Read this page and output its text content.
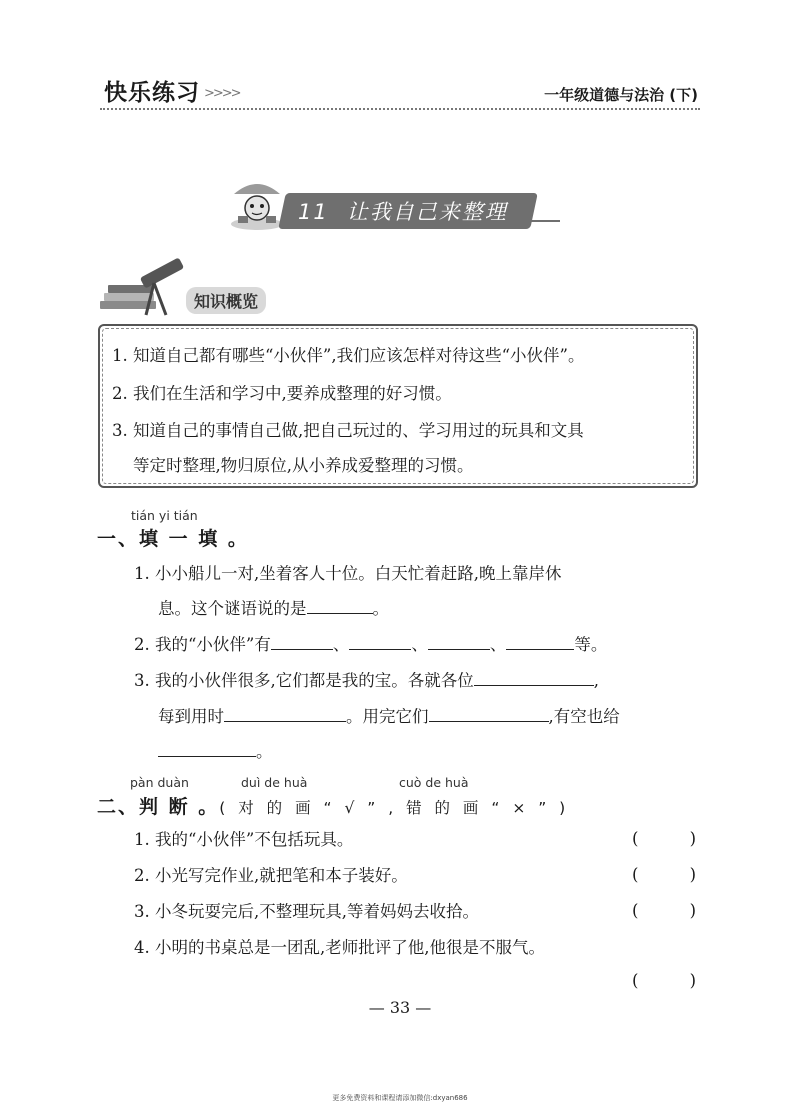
快乐练习 >>>>	一年级道德与法治 (下)
11 让我自己来整理
知识概览
1. 知道自己都有哪些“小伙伴”,我们应该怎样对待这些“小伙伴”。
2. 我们在生活和学习中,要养成整理的好习惯。
3. 知道自己的事情自己做,把自己玩过的、学习用过的玩具和文具
等定时整理,物归原位,从小养成爱整理的习惯。
tián yi tián
一、填 一 填 。
1. 小小船儿一对,坐着客人十位。白天忙着赶路,晚上靠岸休
息。这个谜语说的是	。
2. 我的“小伙伴”有	、	、	、	等。
3. 我的小伙伴很多,它们都是我的宝。各就各位	,
每到用时	。用完它们	,有空也给
。
pàn duàn	duì de huà	cuò de huà
二、判 断 。( 对 的 画 “ √ ” , 错 的 画 “ × ” )
1. 我的“小伙伴”不包括玩具。	(	)
2. 小光写完作业,就把笔和本子装好。	(	)
3. 小冬玩耍完后,不整理玩具,等着妈妈去收拾。	(	)
4. 小明的书桌总是一团乱,老师批评了他,他很是不服气。
(	)
— 33 —
更多免费资料和课程请添加微信:dxyan686
